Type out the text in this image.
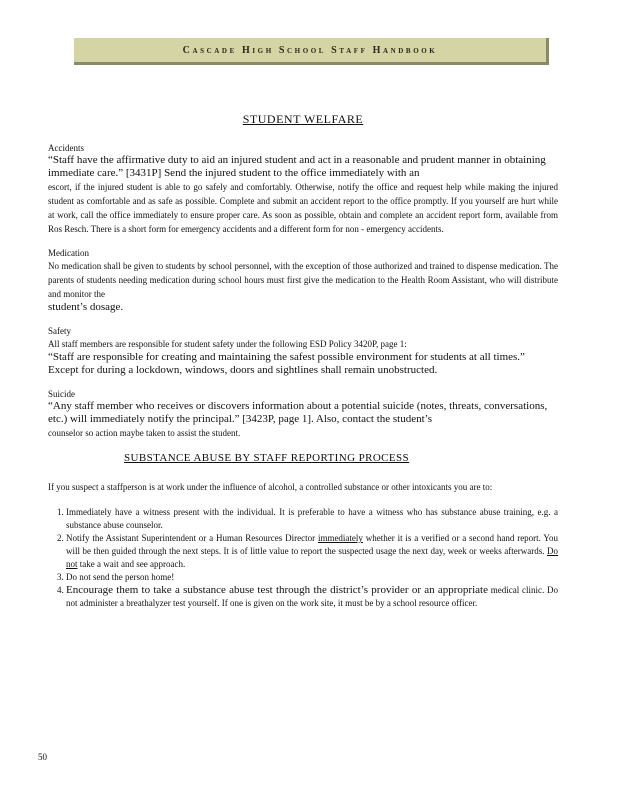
Cascade High School Staff Handbook
STUDENT WELFARE

Accidents

“Staff have the affirmative duty to aid an injured student and act in a reasonable and prudent manner in obtaining immediate care.” [3431P] Send the injured student to the office immediately with an

escort, if the injured student is able to go safely and comfortably. Otherwise, notify the office and request help while making the injured student as comfortable and as safe as possible. Complete and submit an accident report to the office promptly. If you yourself are hurt while at work, call the office immediately to ensure proper care. As soon as possible, obtain and complete an accident report form, available from Ros Resch. There is a short form for emergency accidents and a different form for non - emergency accidents.

Medication

No medication shall be given to students by school personnel, with the exception of those authorized and trained to dispense medication. The parents of students needing medication during school hours must first give the medication to the Health Room Assistant, who will distribute and monitor the

student’s dosage.

Safety

All staff members are responsible for student safety under the following ESD Policy 3420P, page 1:

“Staff are responsible for creating and maintaining the safest possible environment for students at all times.” Except for during a lockdown, windows, doors and sightlines shall remain unobstructed.

Suicide

“Any staff member who receives or discovers information about a potential suicide (notes, threats, conversations, etc.) will immediately notify the principal.” [3423P, page 1]. Also, contact the student’s

counselor so action maybe taken to assist the student.

SUBSTANCE ABUSE BY STAFF REPORTING PROCESS

If you suspect a staffperson is at work under the influence of alcohol, a controlled substance or other intoxicants you are to:

1. Immediately have a witness present with the individual. It is preferable to have a witness who has substance abuse training, e.g. a substance abuse counselor.
2. Notify the Assistant Superintendent or a Human Resources Director immediately whether it is a verified or a second hand report. You will be then guided through the next steps. It is of little value to report the suspected usage the next day, week or weeks afterwards. Do not take a wait and see approach.
3. Do not send the person home!
4. Encourage them to take a substance abuse test through the district’s provider or an appropriate medical clinic. Do not administer a breathalyzer test yourself. If one is given on the work site, it must be by a school resource officer.
50
